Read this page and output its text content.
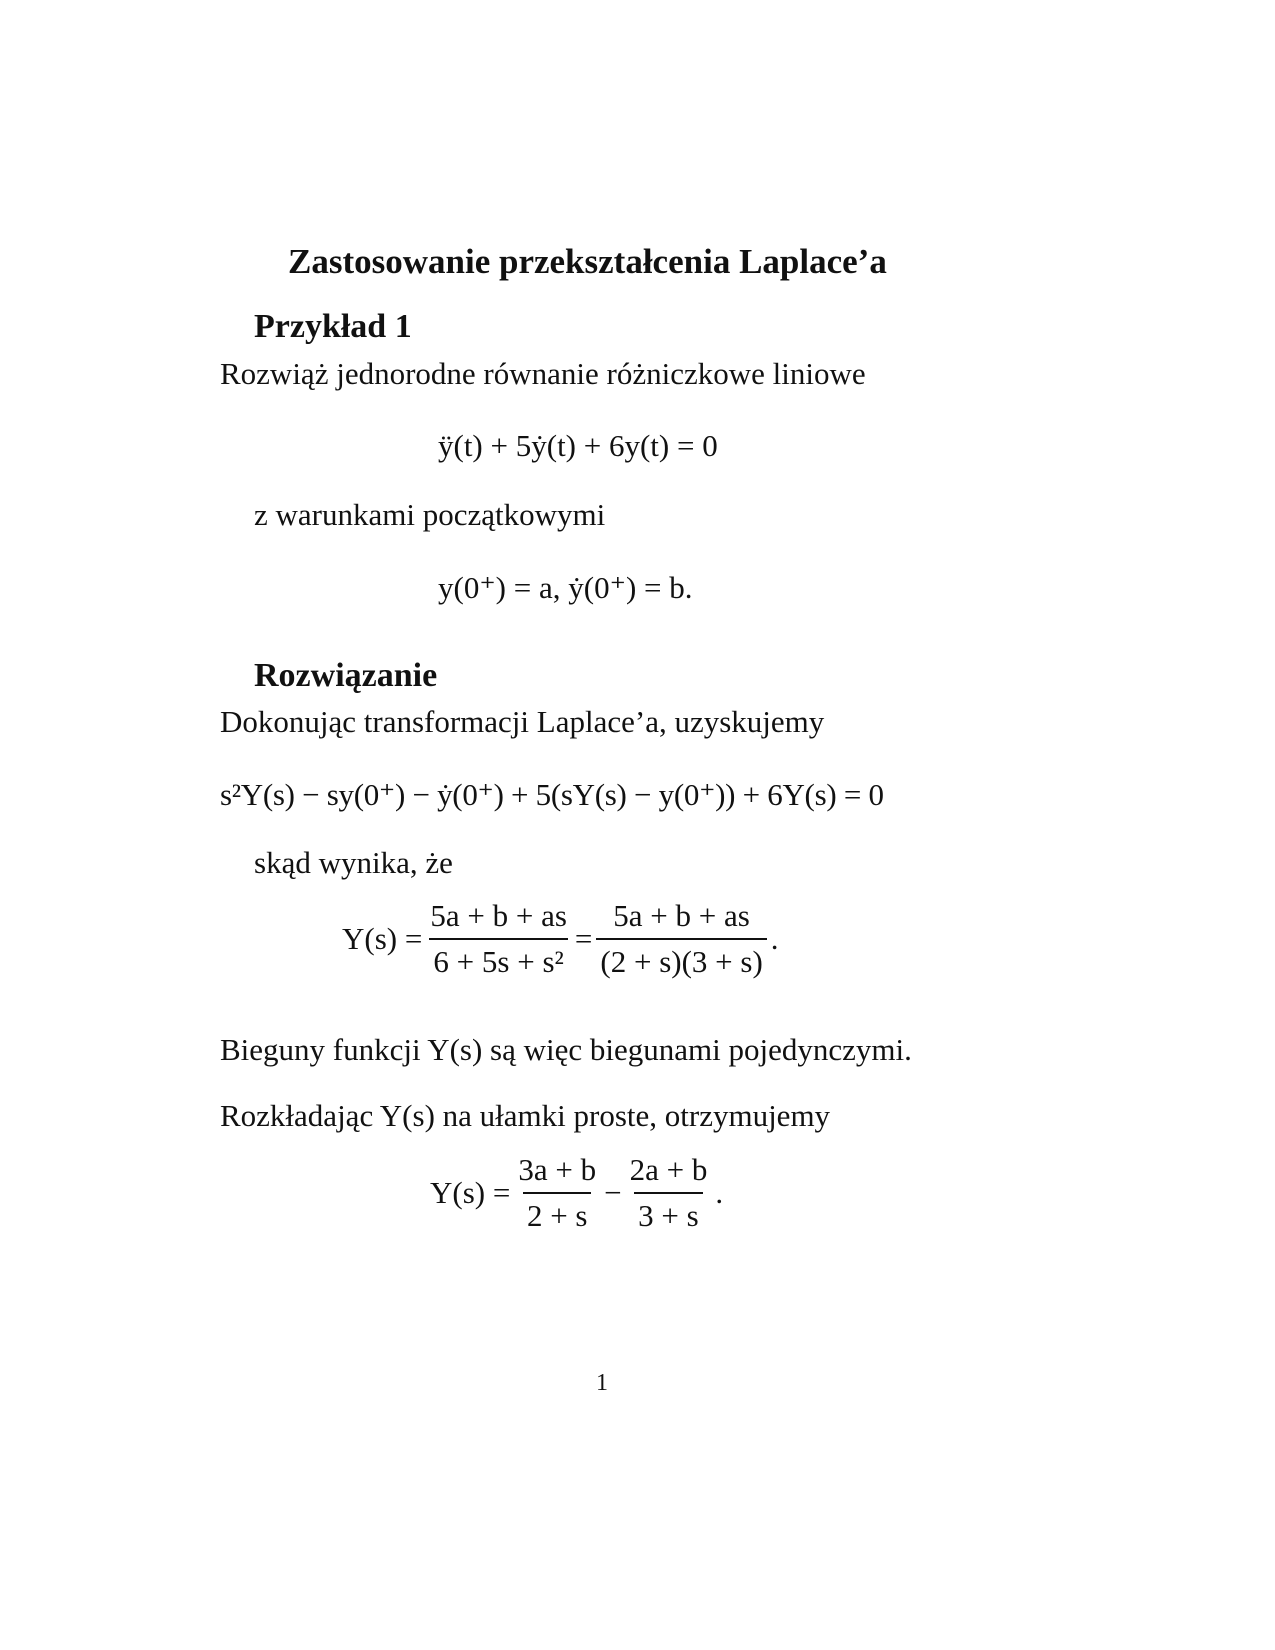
Zastosowanie przekształcenia Laplace’a
Przykład 1
Rozwiąż jednorodne równanie różniczkowe liniowe
ÿ(t) + 5ẏ(t) + 6y(t) = 0
z warunkami początkowymi
y(0⁺) = a, ẏ(0⁺) = b.
Rozwiązanie
Dokonując transformacji Laplace’a, uzyskujemy
s²Y(s) − sy(0⁺) − ẏ(0⁺) + 5(sY(s) − y(0⁺)) + 6Y(s) = 0
skąd wynika, że
$Y(s) = \frac{5a + b + as}{\text{6 + 5s + s²}} = \frac{5a + b + as}{(2 + s)(3 + s)}$ .
Bieguny funkcji Y(s) są więc biegunami pojedynczymi.
Rozkładając Y(s) na ułamki proste, otrzymujemy
$Y(s) = \frac{3a + b}{2 + s} - \frac{2a + b}{3 + s}$ .
1
